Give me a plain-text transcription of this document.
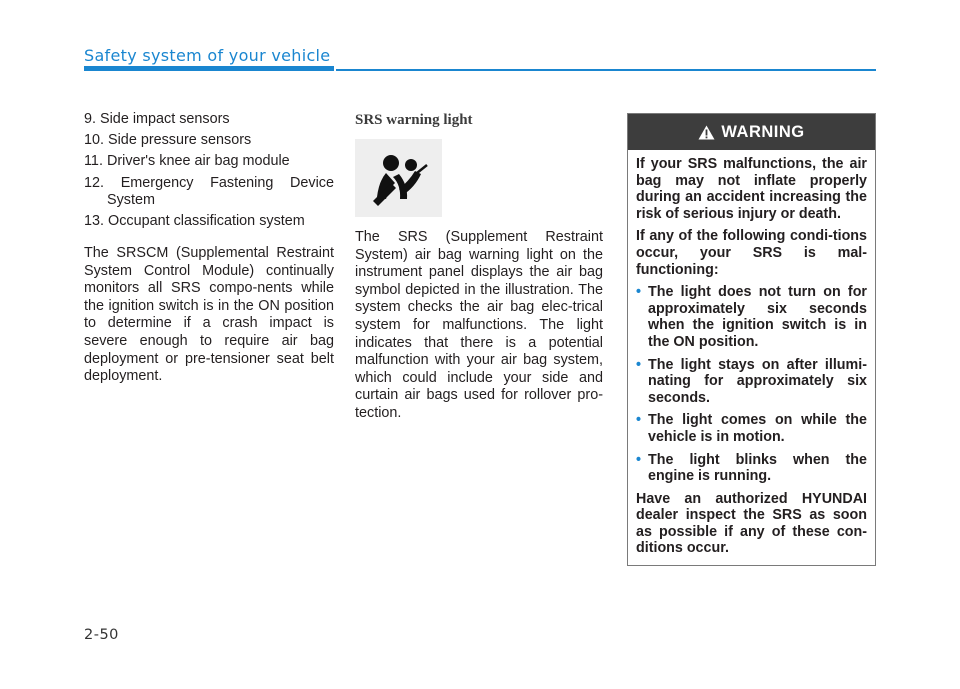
Safety system of your vehicle
9. Side impact sensors
10. Side pressure sensors
11. Driver's knee air bag module
12. Emergency Fastening Device System
13. Occupant classification system

The SRSCM (Supplemental Restraint System Control Module) continually monitors all SRS compo-nents while the ignition switch is in the ON position to determine if a crash impact is severe enough to require air bag deployment or pre-tensioner seat belt deployment.

SRS warning light

The SRS (Supplement Restraint System) air bag warning light on the instrument panel displays the air bag symbol depicted in the illustration. The system checks the air bag elec-trical system for malfunctions. The light indicates that there is a potential malfunction with your air bag system, which could include your side and curtain air bags used for rollover pro-tection.

WARNING

If your SRS malfunctions, the air bag may not inflate properly during an accident increasing the risk of serious injury or death.

If any of the following condi-tions occur, your SRS is mal-functioning:

• The light does not turn on for approximately six seconds when the ignition switch is in the ON position.
• The light stays on after illumi-nating for approximately six seconds.
• The light comes on while the vehicle is in motion.
• The light blinks when the engine is running.

Have an authorized HYUNDAI dealer inspect the SRS as soon as possible if any of these con-ditions occur.

2-50
